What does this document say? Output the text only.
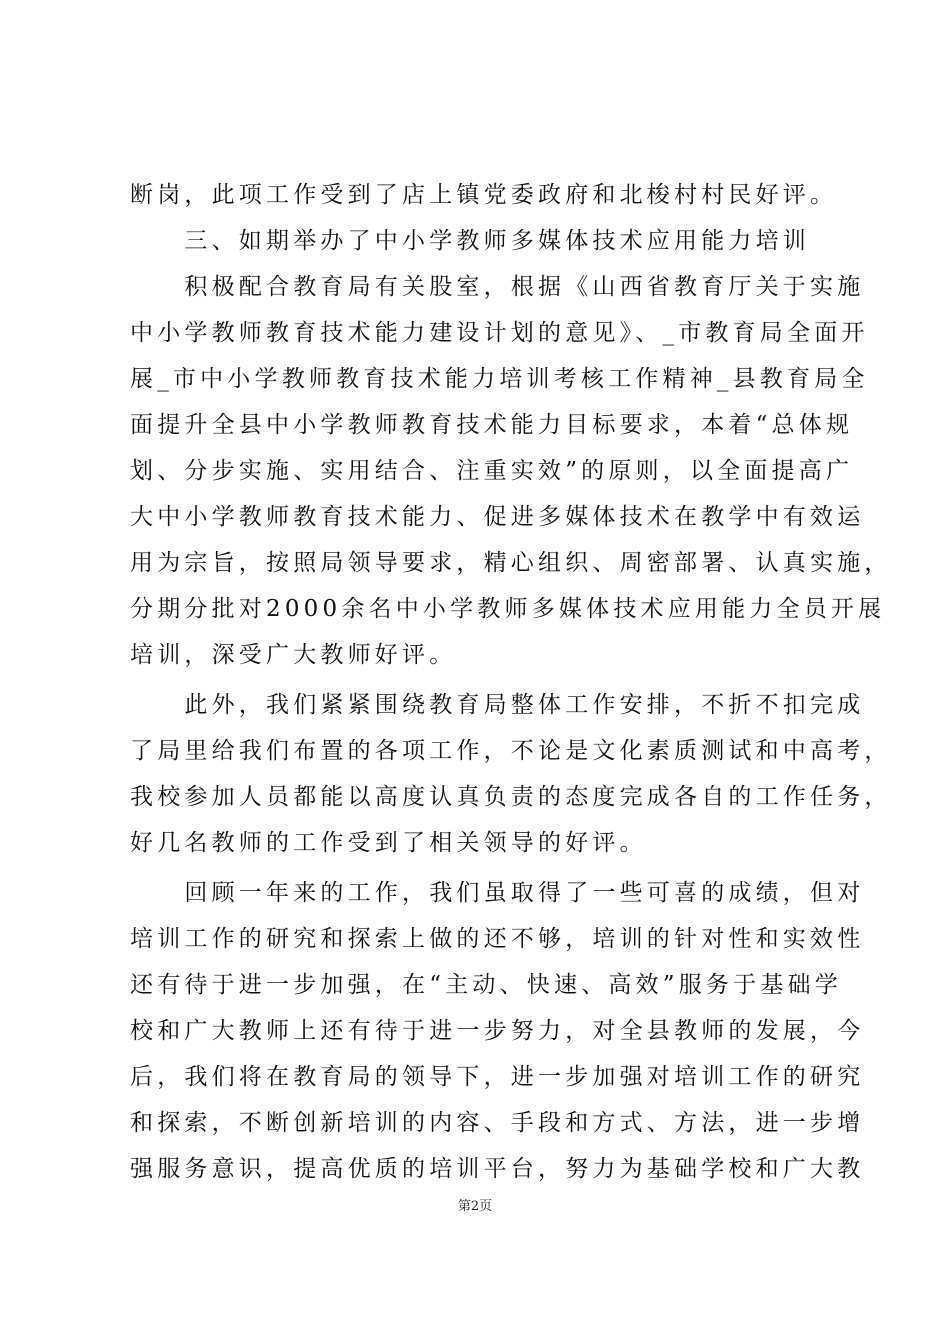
断岗，此项工作受到了店上镇党委政府和北梭村村民好评。
　　三、如期举办了中小学教师多媒体技术应用能力培训
　　积极配合教育局有关股室，根据《山西省教育厅关于实施
中小学教师教育技术能力建设计划的意见》、_市教育局全面开
展_市中小学教师教育技术能力培训考核工作精神_县教育局全
面提升全县中小学教师教育技术能力目标要求，本着“总体规
划、分步实施、实用结合、注重实效”的原则，以全面提高广
大中小学教师教育技术能力、促进多媒体技术在教学中有效运
用为宗旨，按照局领导要求，精心组织、周密部署、认真实施，
分期分批对2000余名中小学教师多媒体技术应用能力全员开展
培训，深受广大教师好评。
　　此外，我们紧紧围绕教育局整体工作安排，不折不扣完成
了局里给我们布置的各项工作，不论是文化素质测试和中高考，
我校参加人员都能以高度认真负责的态度完成各自的工作任务，
好几名教师的工作受到了相关领导的好评。
　　回顾一年来的工作，我们虽取得了一些可喜的成绩，但对
培训工作的研究和探索上做的还不够，培训的针对性和实效性
还有待于进一步加强，在“主动、快速、高效”服务于基础学
校和广大教师上还有待于进一步努力，对全县教师的发展，今
后，我们将在教育局的领导下，进一步加强对培训工作的研究
和探索，不断创新培训的内容、手段和方式、方法，进一步增
强服务意识，提高优质的培训平台，努力为基础学校和广大教
第2页
